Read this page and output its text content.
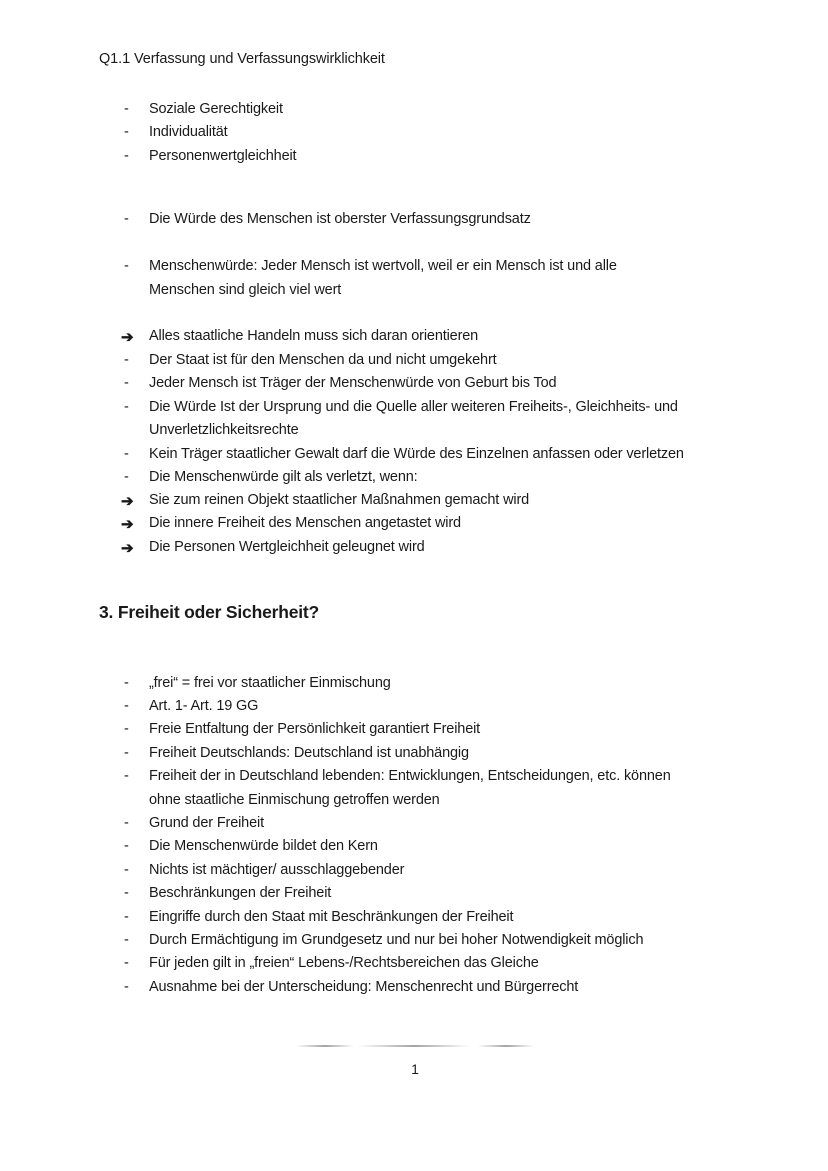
Q1.1 Verfassung und Verfassungswirklichkeit
-	Soziale Gerechtigkeit
-	Individualität
-	Personenwertgleichheit
-	Die Würde des Menschen ist oberster Verfassungsgrundsatz
-	Menschenwürde: Jeder Mensch ist wertvoll, weil er ein Mensch ist und alle
Menschen sind gleich viel wert
➔	Alles staatliche Handeln muss sich daran orientieren
-	Der Staat ist für den Menschen da und nicht umgekehrt
-	Jeder Mensch ist Träger der Menschenwürde von Geburt bis Tod
-	Die Würde Ist der Ursprung und die Quelle aller weiteren Freiheits-, Gleichheits- und
Unverletzlichkeitsrechte
-	Kein Träger staatlicher Gewalt darf die Würde des Einzelnen anfassen oder verletzen
-	Die Menschenwürde gilt als verletzt, wenn:
➔	Sie zum reinen Objekt staatlicher Maßnahmen gemacht wird
➔	Die innere Freiheit des Menschen angetastet wird
➔	Die Personen Wertgleichheit geleugnet wird
3. Freiheit oder Sicherheit?
-	„frei“ = frei vor staatlicher Einmischung
-	Art. 1- Art. 19 GG
-	Freie Entfaltung der Persönlichkeit garantiert Freiheit
-	Freiheit Deutschlands: Deutschland ist unabhängig
-	Freiheit der in Deutschland lebenden: Entwicklungen, Entscheidungen, etc. können
ohne staatliche Einmischung getroffen werden
-	Grund der Freiheit
-	Die Menschenwürde bildet den Kern
-	Nichts ist mächtiger/ ausschlaggebender
-	Beschränkungen der Freiheit
-	Eingriffe durch den Staat mit Beschränkungen der Freiheit
-	Durch Ermächtigung im Grundgesetz und nur bei hoher Notwendigkeit möglich
-	Für jeden gilt in „freien“ Lebens-/Rechtsbereichen das Gleiche
-	Ausnahme bei der Unterscheidung: Menschenrecht und Bürgerrecht
1
